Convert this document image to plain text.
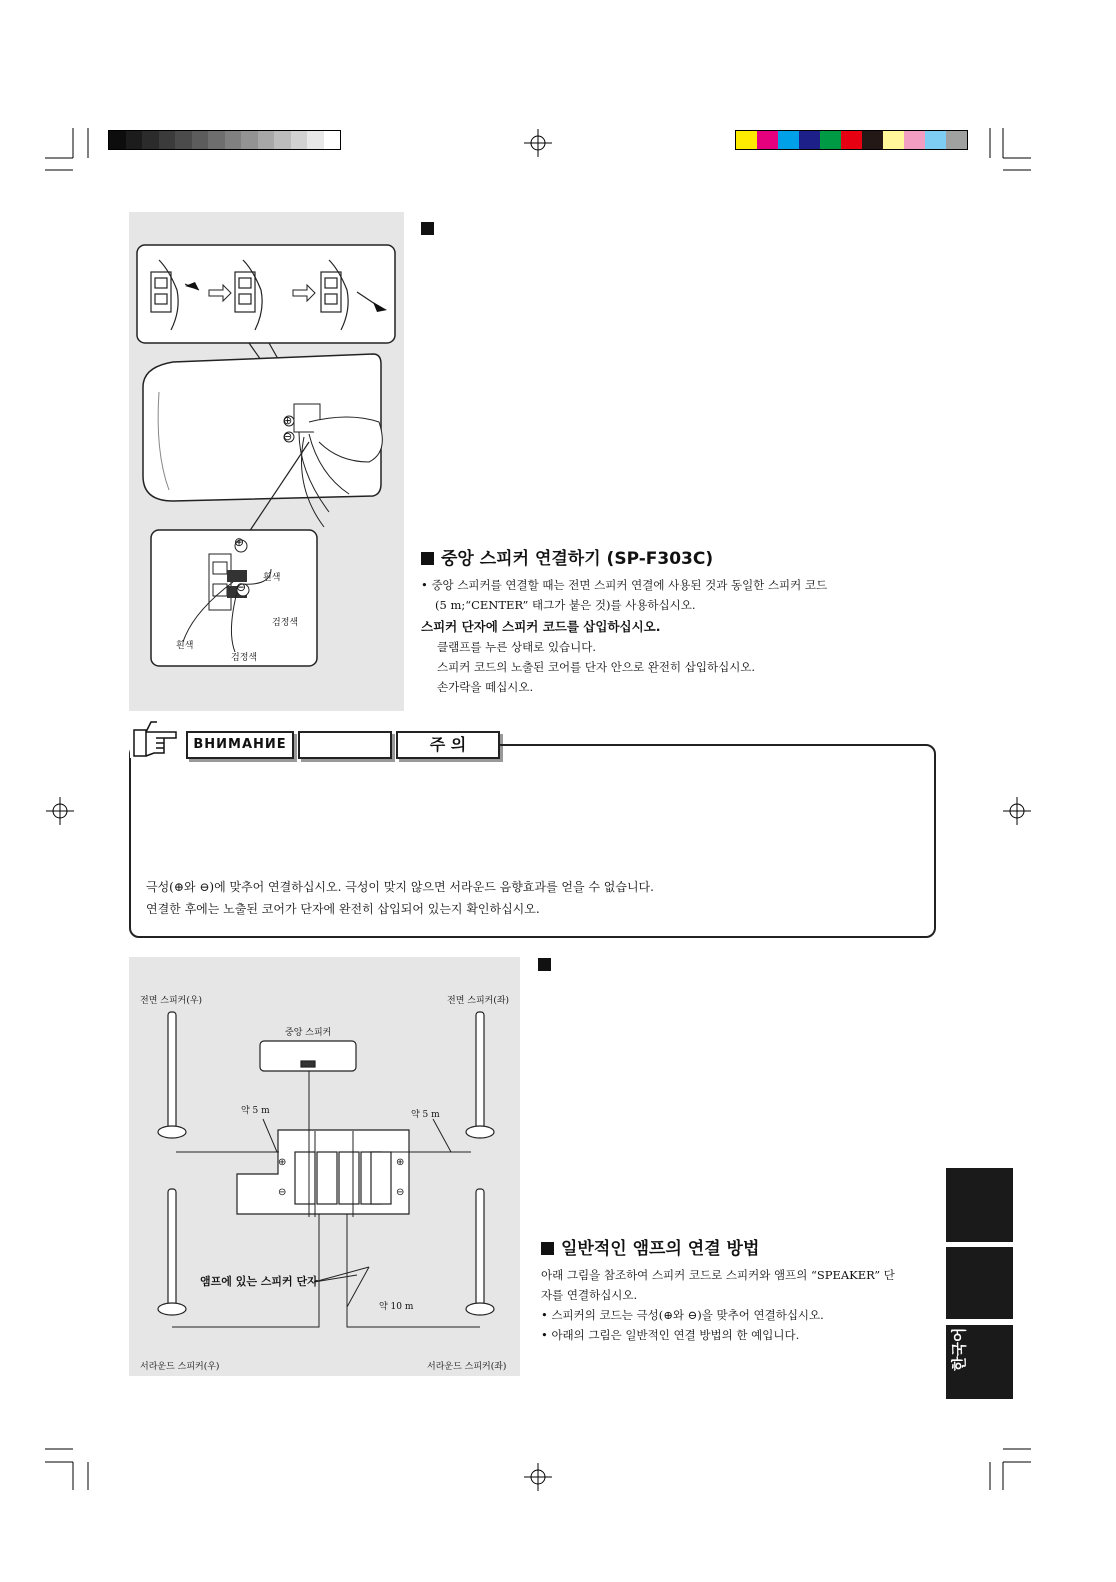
흰색
검정색
흰색
검정색
⊕
⊖
⊕
⊖
중앙 스피커 연결하기 (SP-F303C)
• 중앙 스피커를 연결할 때는 전면 스피커 연결에 사용된 것과 동일한 스피커 코드
(5 m;“CENTER” 태그가 붙은 것)를 사용하십시오.
스피커 단자에 스피커 코드를 삽입하십시오.
클램프를 누른 상태로 있습니다.
스피커 코드의 노출된 코어를 단자 안으로 완전히 삽입하십시오.
손가락을 떼십시오.
ВНИМАНИЕ	주 의
극성(⊕와 ⊖)에 맞추어 연결하십시오. 극성이 맞지 않으면 서라운드 음향효과를 얻을 수 없습니다.
연결한 후에는 노출된 코어가 단자에 완전히 삽입되어 있는지 확인하십시오.
전면 스피커(우)	전면 스피커(좌)
중앙 스피커
약 5 m	약 5 m
앰프에 있는 스피커 단자
약 10 m
서라운드 스피커(우)	서라운드 스피커(좌)
⊕
⊖
⊕
⊖
일반적인 앰프의 연결 방법
아래 그림을 참조하여 스피커 코드로 스피커와 앰프의 “SPEAKER” 단
자를 연결하십시오.
• 스피커의 코드는 극성(⊕와 ⊖)을 맞추어 연결하십시오.
• 아래의 그림은 일반적인 연결 방법의 한 예입니다.	한국어
